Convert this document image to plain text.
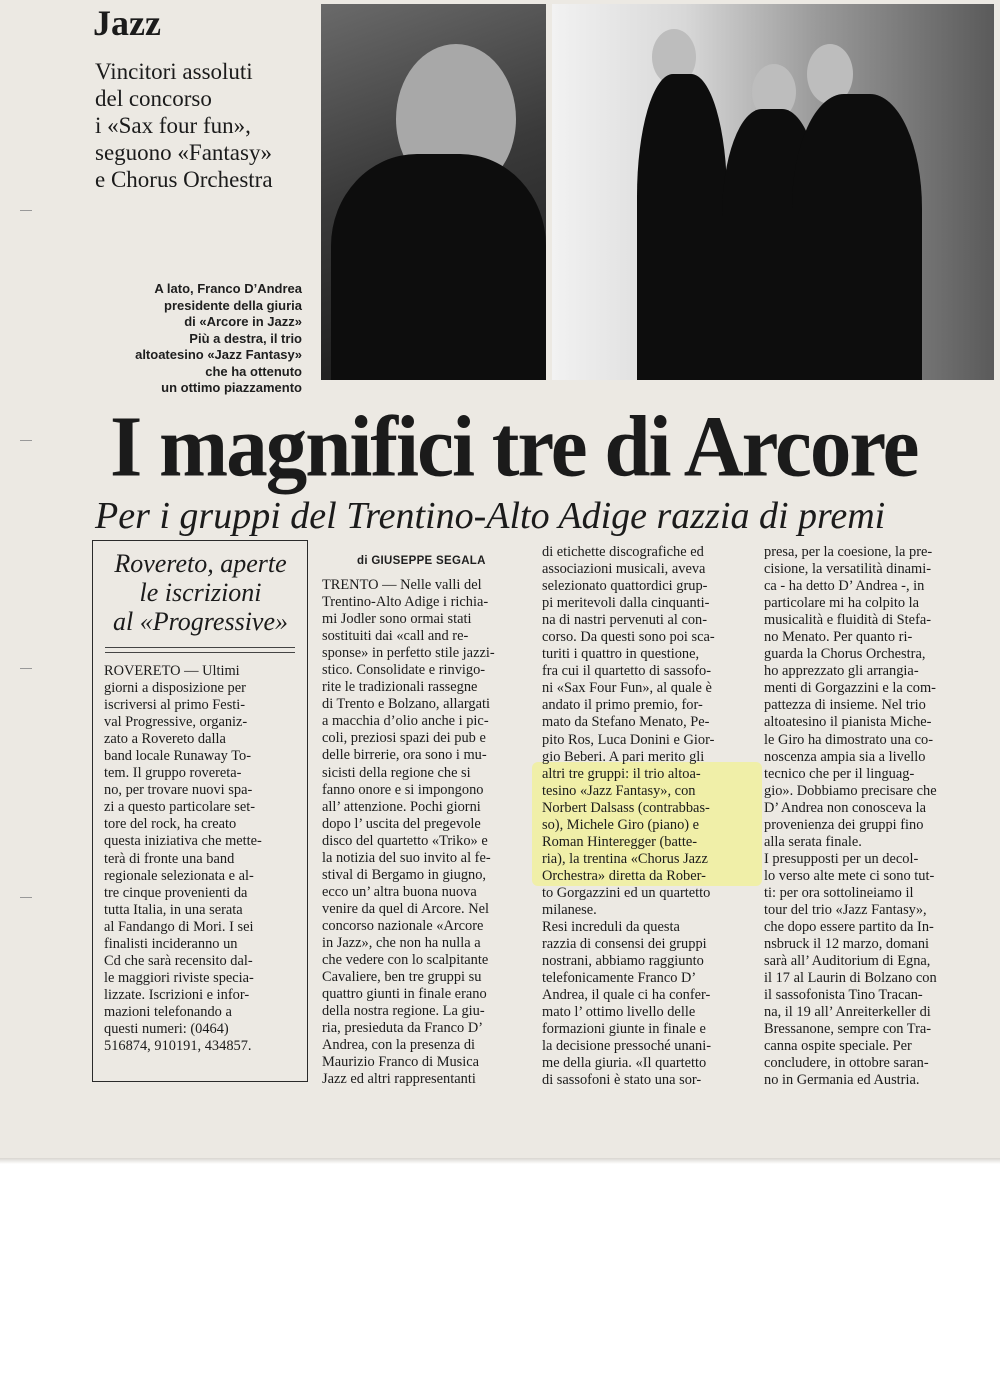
Jazz
Vincitori assoluti
del concorso
i «Sax four fun»,
seguono «Fantasy»
e Chorus Orchestra
A lato, Franco D’Andrea
presidente della giuria
di «Arcore in Jazz»
Più a destra, il trio
altoatesino «Jazz Fantasy»
che ha ottenuto
un ottimo piazzamento
I magnifici tre di Arcore
Per i gruppi del Trentino-Alto Adige razzia di premi
Rovereto, aperte
le iscrizioni
al «Progressive»
ROVERETO — Ultimi
giorni a disposizione per
iscriversi al primo Festi-
val Progressive, organiz-
zato a Rovereto dalla
band locale Runaway To-
tem. Il gruppo rovereta-
no, per trovare nuovi spa-
zi a questo particolare set-
tore del rock, ha creato
questa iniziativa che mette-
terà di fronte una band
regionale selezionata e al-
tre cinque provenienti da
tutta Italia, in una serata
al Fandango di Mori. I sei
finalisti incideranno un
Cd che sarà recensito dal-
le maggiori riviste specia-
lizzate. Iscrizioni e infor-
mazioni telefonando a
questi numeri: (0464)
516874, 910191, 434857.
di GIUSEPPE SEGALA
TRENTO — Nelle valli del
Trentino-Alto Adige i richia-
mi Jodler sono ormai stati
sostituiti dai «call and re-
sponse» in perfetto stile jazzi-
stico. Consolidate e rinvigo-
rite le tradizionali rassegne
di Trento e Bolzano, allargati
a macchia d’olio anche i pic-
coli, preziosi spazi dei pub e
delle birrerie, ora sono i mu-
sicisti della regione che si
fanno onore e si impongono
all’ attenzione. Pochi giorni
dopo l’ uscita del pregevole
disco del quartetto «Triko» e
la notizia del suo invito al fe-
stival di Bergamo in giugno,
ecco un’ altra buona nuova
venire da quel di Arcore. Nel
concorso nazionale «Arcore
in Jazz», che non ha nulla a
che vedere con lo scalpitante
Cavaliere, ben tre gruppi su
quattro giunti in finale erano
della nostra regione. La giu-
ria, presieduta da Franco D’
Andrea, con la presenza di
Maurizio Franco di Musica
Jazz ed altri rappresentanti
di etichette discografiche ed
associazioni musicali, aveva
selezionato quattordici grup-
pi meritevoli dalla cinquanti-
na di nastri pervenuti al con-
corso. Da questi sono poi sca-
turiti i quattro in questione,
fra cui il quartetto di sassofo-
ni «Sax Four Fun», al quale è
andato il primo premio, for-
mato da Stefano Menato, Pe-
pito Ros, Luca Donini e Gior-
gio Beberi. A pari merito gli
altri tre gruppi: il trio altoa-
tesino «Jazz Fantasy», con
Norbert Dalsass (contrabbas-
so), Michele Giro (piano) e
Roman Hinteregger (batte-
ria), la trentina «Chorus Jazz
Orchestra» diretta da Rober-
to Gorgazzini ed un quartetto
milanese.
Resi increduli da questa
razzia di consensi dei gruppi
nostrani, abbiamo raggiunto
telefonicamente Franco D’
Andrea, il quale ci ha confer-
mato l’ ottimo livello delle
formazioni giunte in finale e
la decisione pressoché unani-
me della giuria. «Il quartetto
di sassofoni è stato una sor-
presa, per la coesione, la pre-
cisione, la versatilità dinami-
ca - ha detto D’ Andrea -, in
particolare mi ha colpito la
musicalità e fluidità di Stefa-
no Menato. Per quanto ri-
guarda la Chorus Orchestra,
ho apprezzato gli arrangia-
menti di Gorgazzini e la com-
pattezza di insieme. Nel trio
altoatesino il pianista Miche-
le Giro ha dimostrato una co-
noscenza ampia sia a livello
tecnico che per il linguag-
gio». Dobbiamo precisare che
D’ Andrea non conosceva la
provenienza dei gruppi fino
alla serata finale.
I presupposti per un decol-
lo verso alte mete ci sono tut-
ti: per ora sottolineiamo il
tour del trio «Jazz Fantasy»,
che dopo essere partito da In-
nsbruck il 12 marzo, domani
sarà all’ Auditorium di Egna,
il 17 al Laurin di Bolzano con
il sassofonista Tino Tracan-
na, il 19 all’ Anreiterkeller di
Bressanone, sempre con Tra-
canna ospite speciale. Per
concludere, in ottobre saran-
no in Germania ed Austria.
